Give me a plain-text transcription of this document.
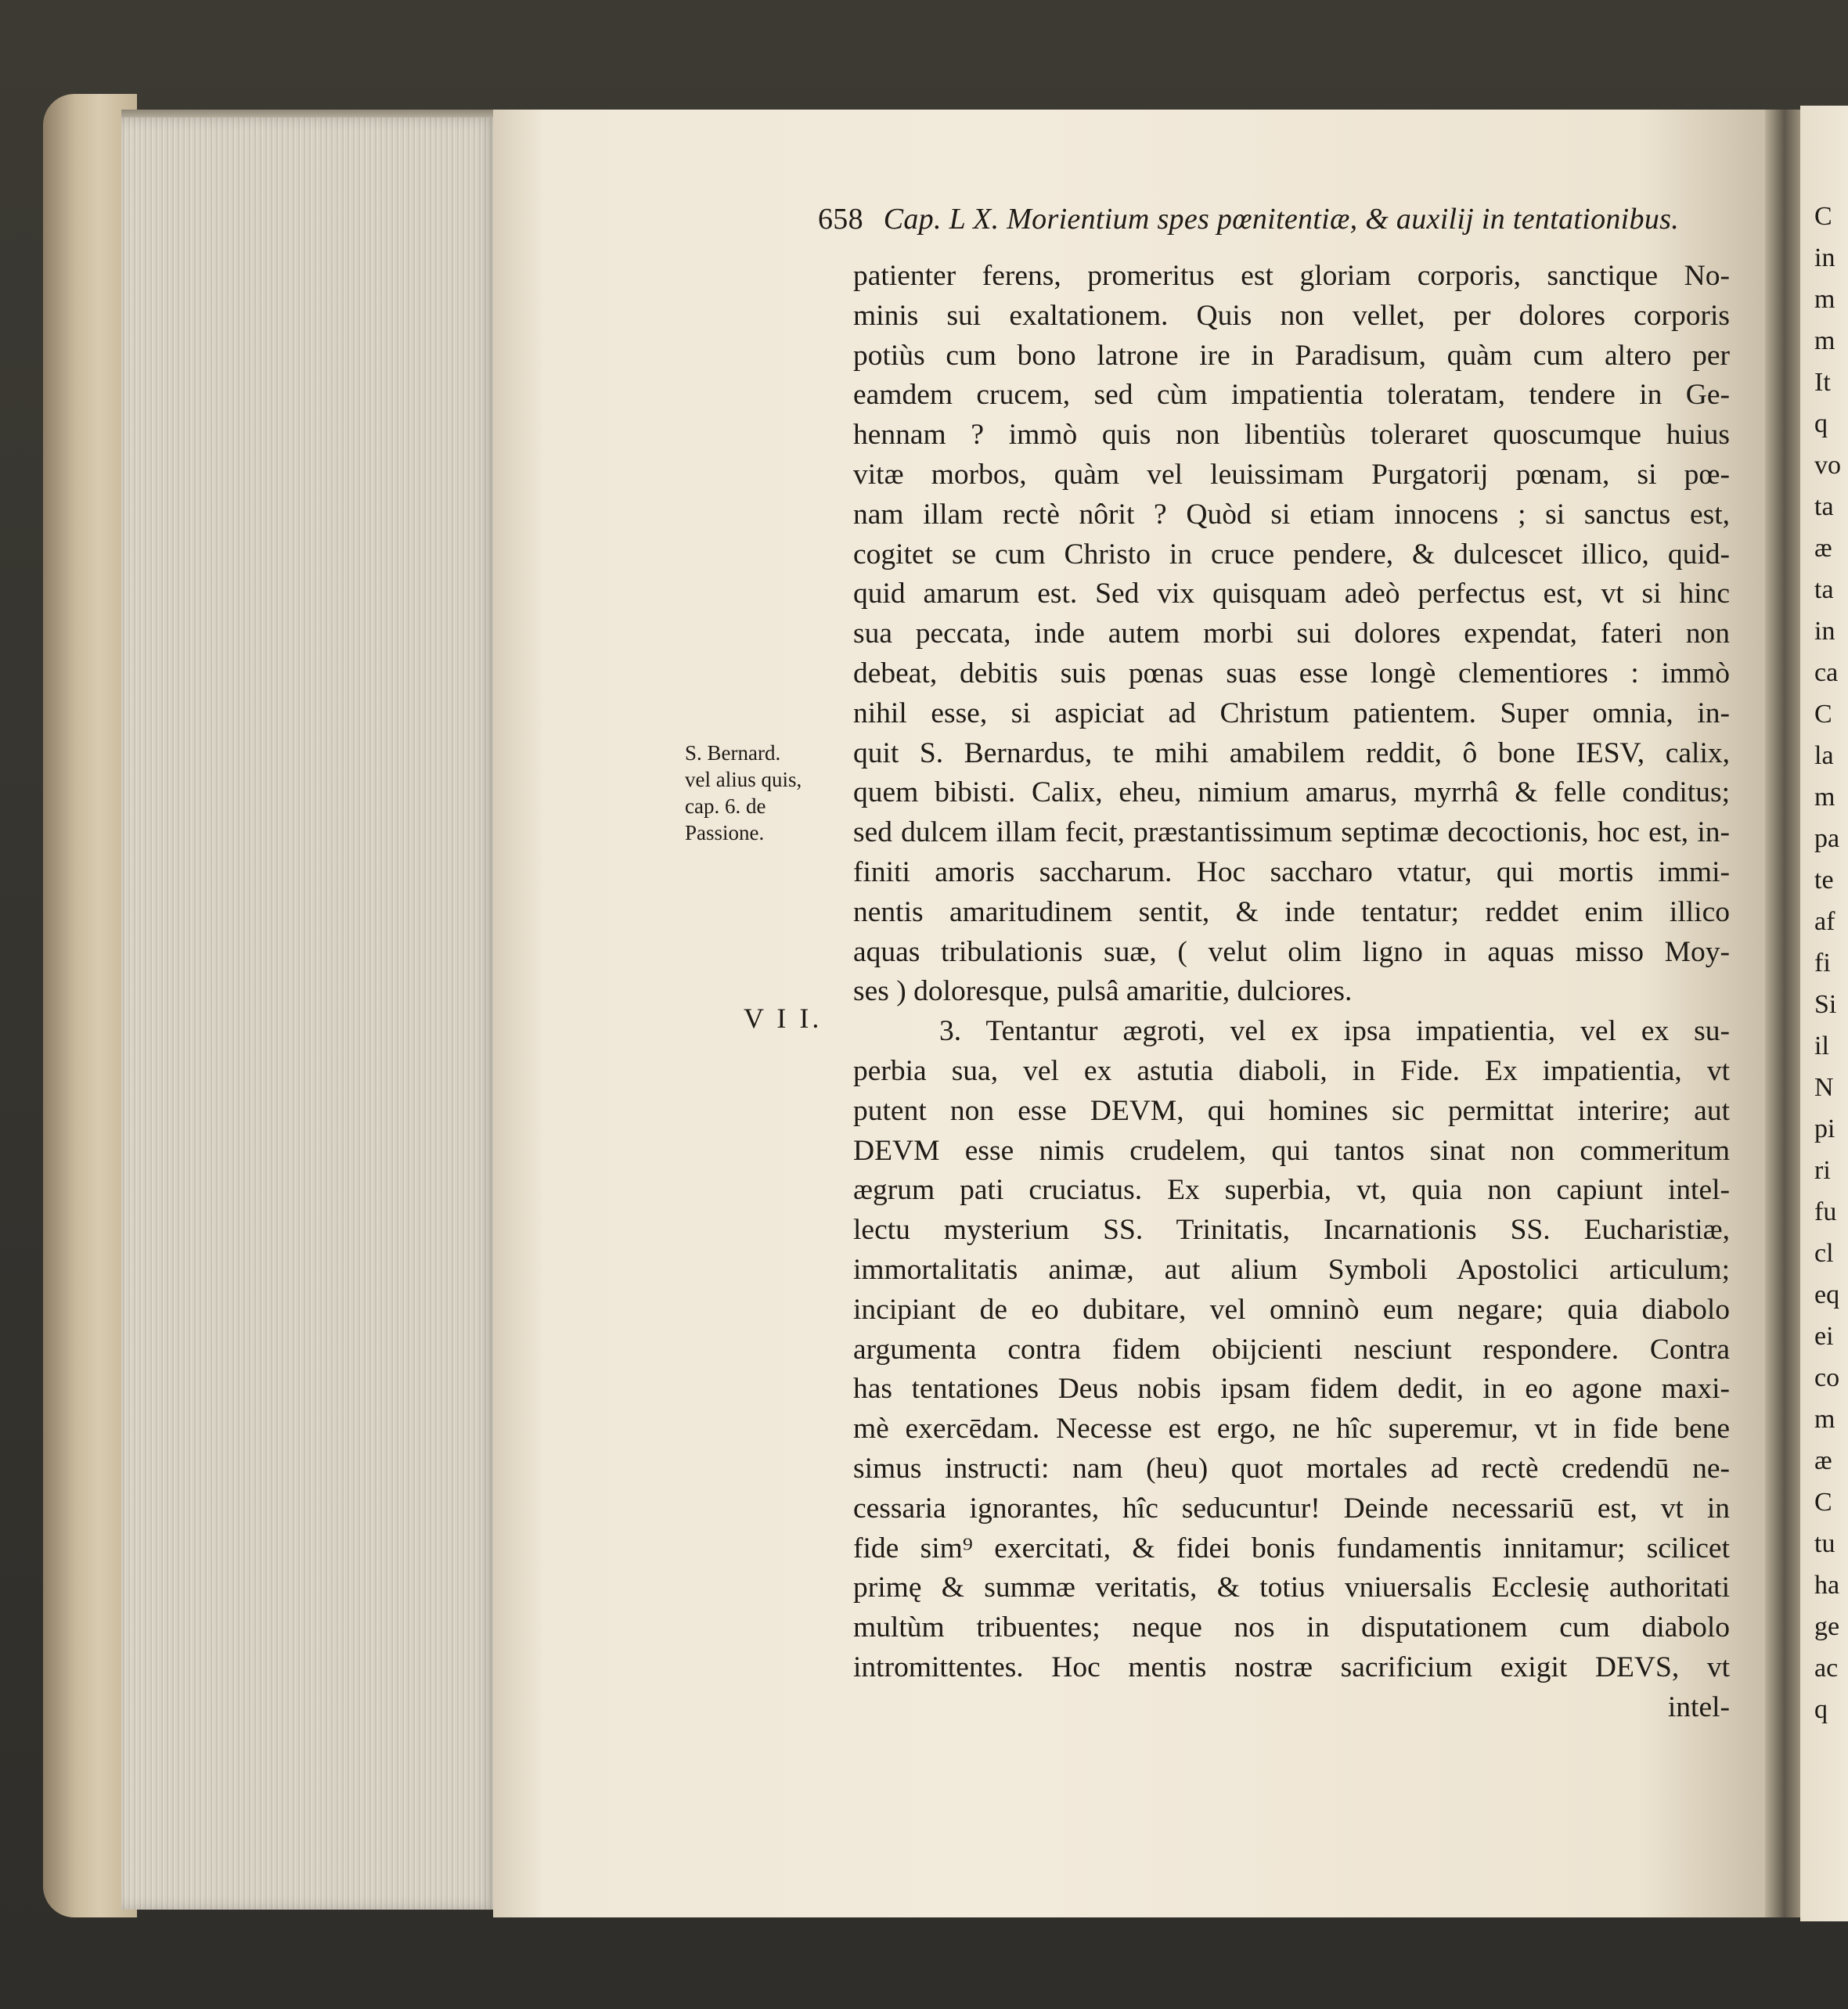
658 Cap. L X. Morientium spes pœnitentiæ, & auxilij in tentationibus.
S. Bernard.
vel alius quis,
cap. 6. de
Passione.
V I I.
patienter ferens, promeritus est gloriam corporis, sanctique No-
minis sui exaltationem. Quis non vellet, per dolores corporis
potiùs cum bono latrone ire in Paradisum, quàm cum altero per
eamdem crucem, sed cùm impatientia toleratam, tendere in Ge-
hennam ? immò quis non libentiùs toleraret quoscumque huius
vitæ morbos, quàm vel leuissimam Purgatorij pœnam, si pœ-
nam illam rectè nôrit ? Quòd si etiam innocens ; si sanctus est,
cogitet se cum Christo in cruce pendere, & dulcescet illico, quid-
quid amarum est. Sed vix quisquam adeò perfectus est, vt si hinc
sua peccata, inde autem morbi sui dolores expendat, fateri non
debeat, debitis suis pœnas suas esse longè clementiores : immò
nihil esse, si aspiciat ad Christum patientem. Super omnia, in-
quit S. Bernardus, te mihi amabilem reddit, ô bone IESV, calix,
quem bibisti. Calix, eheu, nimium amarus, myrrhâ & felle conditus;
sed dulcem illam fecit, præstantissimum septimæ decoctionis, hoc est, in-
finiti amoris saccharum. Hoc saccharo vtatur, qui mortis immi-
nentis amaritudinem sentit, & inde tentatur; reddet enim illico
aquas tribulationis suæ, ( velut olim ligno in aquas misso Moy-
ses ) doloresque, pulsâ amaritie, dulciores.
3. Tentantur ægroti, vel ex ipsa impatientia, vel ex su-
perbia sua, vel ex astutia diaboli, in Fide. Ex impatientia, vt
putent non esse DEVM, qui homines sic permittat interire; aut
DEVM esse nimis crudelem, qui tantos sinat non commeritum
ægrum pati cruciatus. Ex superbia, vt, quia non capiunt intel-
lectu mysterium SS. Trinitatis, Incarnationis SS. Eucharistiæ,
immortalitatis animæ, aut alium Symboli Apostolici articulum;
incipiant de eo dubitare, vel omninò eum negare; quia diabolo
argumenta contra fidem obijcienti nesciunt respondere. Contra
has tentationes Deus nobis ipsam fidem dedit, in eo agone maxi-
mè exercēdam. Necesse est ergo, ne hîc superemur, vt in fide bene
simus instructi: nam (heu) quot mortales ad rectè credendū ne-
cessaria ignorantes, hîc seducuntur! Deinde necessariū est, vt in
fide sim⁹ exercitati, & fidei bonis fundamentis innitamur; scilicet
primę & summæ veritatis, & totius vniuersalis Ecclesię authoritati
multùm tribuentes; neque nos in disputationem cum diabolo
intromittentes. Hoc mentis nostræ sacrificium exigit DEVS, vt
intel-
C
in
m
m
It
q
vo
ta
æ
ta
in
ca
C
la
m
pa
te
af
fi
Si
il
N
pi
ri
fu
cl
eq
ei
co
m
æ
C
tu
ha
ge
ac
q
